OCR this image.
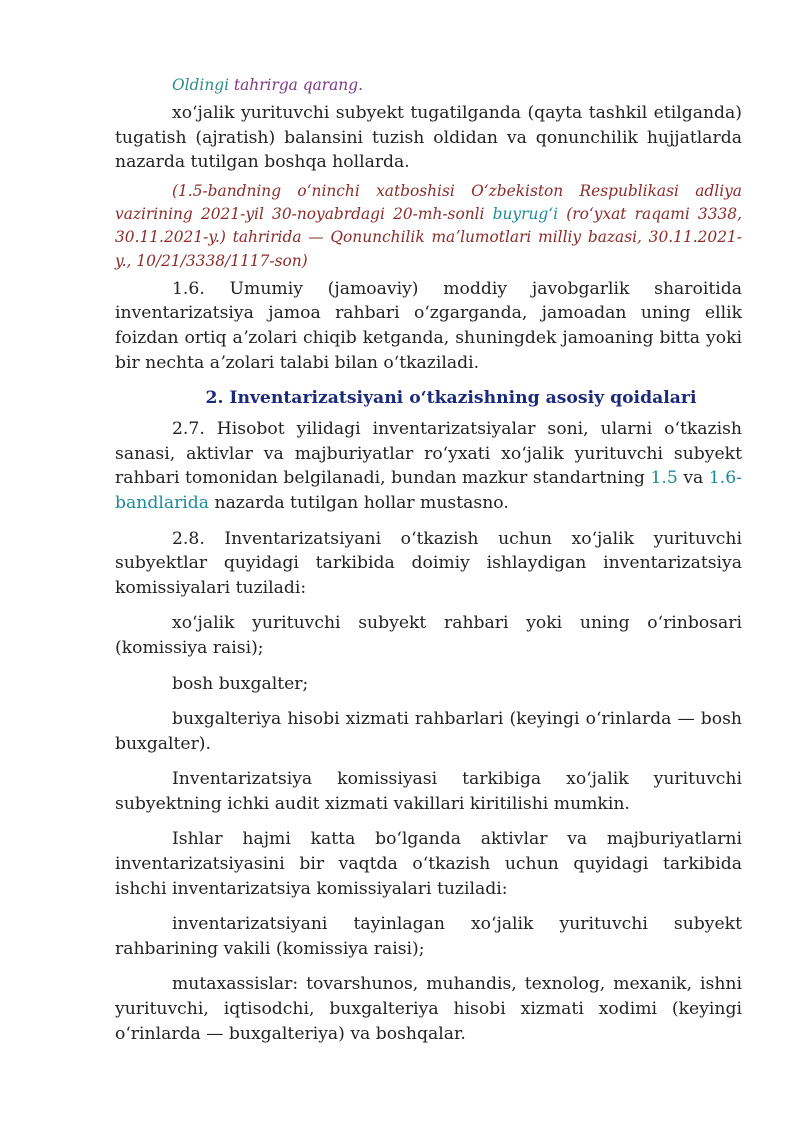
Oldingi tahrirga qarang.

xoʻjalik yurituvchi subyekt tugatilganda (qayta tashkil etilganda) tugatish (ajratish) balansini tuzish oldidan va qonunchilik hujjatlarda nazarda tutilgan boshqa hollarda.

(1.5-bandning oʻninchi xatboshisi Oʻzbekiston Respublikasi adliya vazirining 2021-yil 30-noyabrdagi 20-mh-sonli buyrugʻi (roʻyxat raqami 3338, 30.11.2021-y.) tahririda — Qonunchilik maʼlumotlari milliy bazasi, 30.11.2021-y., 10/21/3338/1117-son)

1.6. Umumiy (jamoaviy) moddiy javobgarlik sharoitida inventarizatsiya jamoa rahbari oʻzgarganda, jamoadan uning ellik foizdan ortiq aʼzolari chiqib ketganda, shuningdek jamoaning bitta yoki bir nechta aʼzolari talabi bilan oʻtkaziladi.

2. Inventarizatsiyani oʻtkazishning asosiy qoidalari

2.7. Hisobot yilidagi inventarizatsiyalar soni, ularni oʻtkazish sanasi, aktivlar va majburiyatlar roʻyxati xoʻjalik yurituvchi subyekt rahbari tomonidan belgilanadi, bundan mazkur standartning 1.5 va 1.6-bandlarida nazarda tutilgan hollar mustasno.

2.8. Inventarizatsiyani oʻtkazish uchun xoʻjalik yurituvchi subyektlar quyidagi tarkibida doimiy ishlaydigan inventarizatsiya komissiyalari tuziladi:

xoʻjalik yurituvchi subyekt rahbari yoki uning oʻrinbosari (komissiya raisi);

bosh buxgalter;

buxgalteriya hisobi xizmati rahbarlari (keyingi oʻrinlarda — bosh buxgalter).

Inventarizatsiya komissiyasi tarkibiga xoʻjalik yurituvchi subyektning ichki audit xizmati vakillari kiritilishi mumkin.

Ishlar hajmi katta boʻlganda aktivlar va majburiyatlarni inventarizatsiyasini bir vaqtda oʻtkazish uchun quyidagi tarkibida ishchi inventarizatsiya komissiyalari tuziladi:

inventarizatsiyani tayinlagan xoʻjalik yurituvchi subyekt rahbarining vakili (komissiya raisi);

mutaxassislar: tovarshunos, muhandis, texnolog, mexanik, ishni yurituvchi, iqtisodchi, buxgalteriya hisobi xizmati xodimi (keyingi oʻrinlarda — buxgalteriya) va boshqalar.
